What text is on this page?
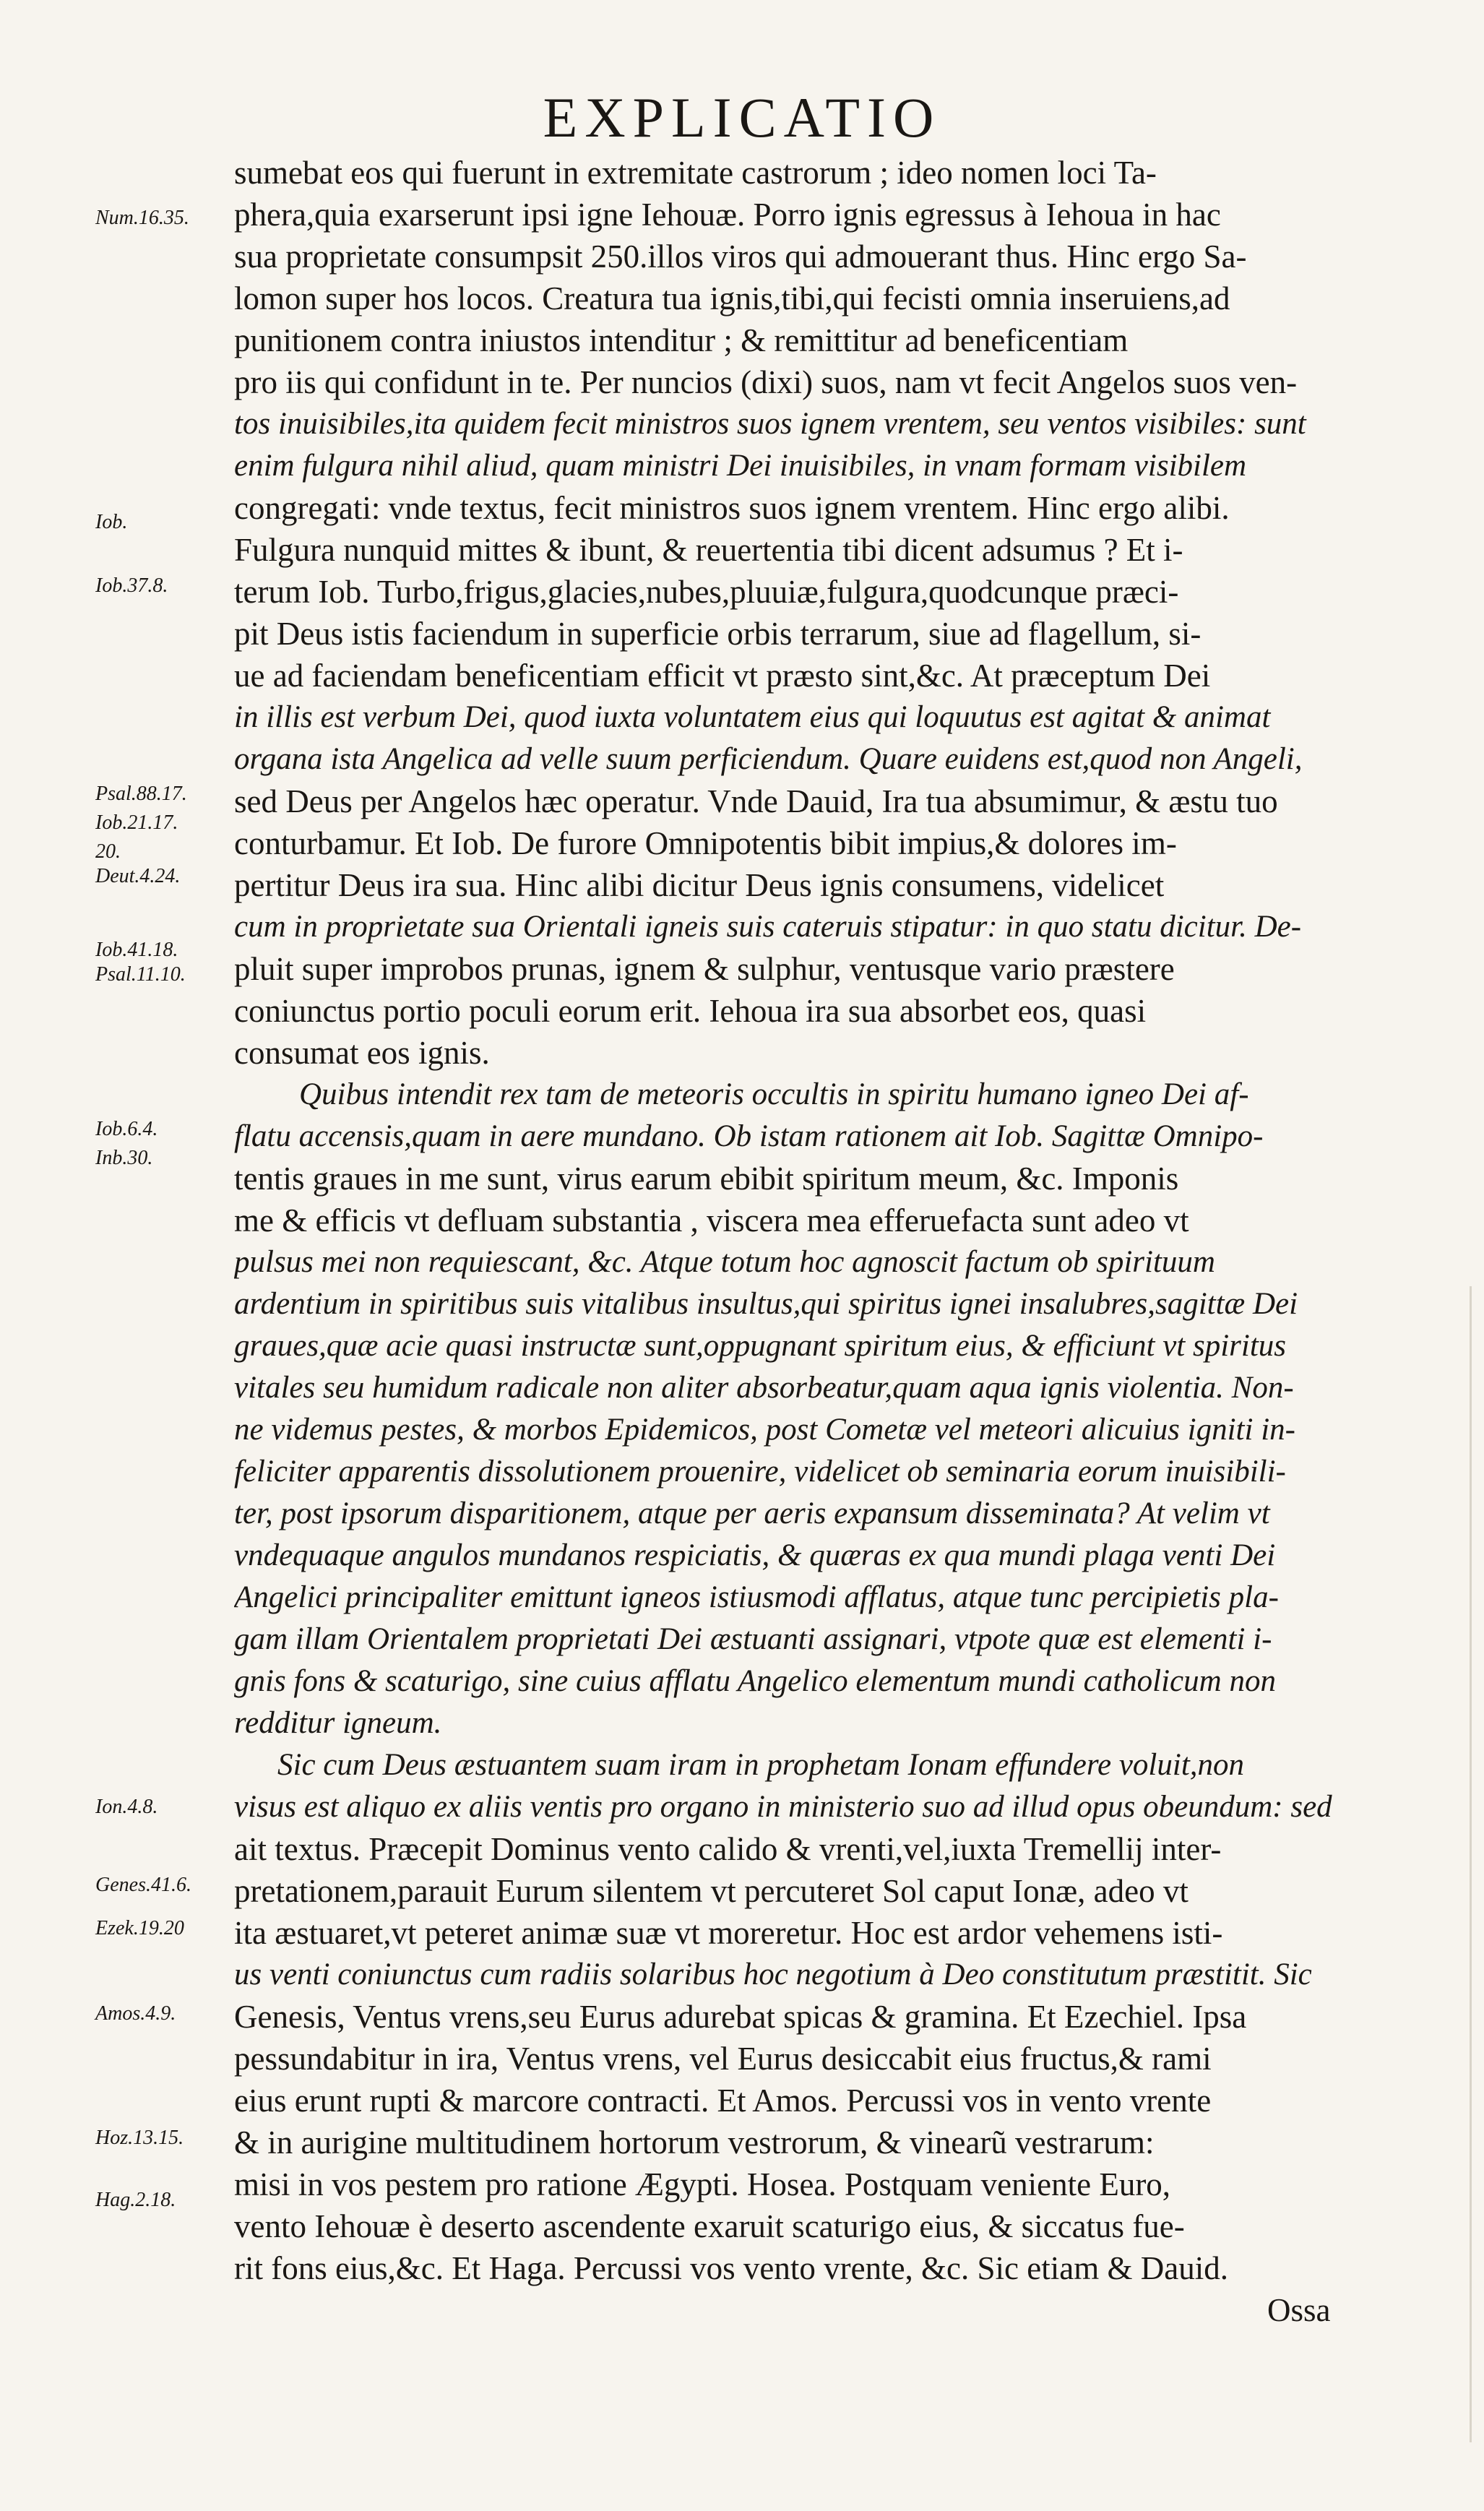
EXPLICATIO
sumebat eos qui fuerunt in extremitate castrorum ; ideo nomen loci Ta-
phera,quia exarserunt ipsi igne Iehouæ. Porro ignis egressus à Iehoua in hac
sua proprietate consumpsit 250.illos viros qui admouerant thus. Hinc ergo Sa-
lomon super hos locos. Creatura tua ignis,tibi,qui fecisti omnia inseruiens,ad
punitionem contra iniustos intenditur ; & remittitur ad beneficentiam
pro iis qui confidunt in te. Per nuncios (dixi) suos, nam vt fecit Angelos suos ven-
tos inuisibiles,ita quidem fecit ministros suos ignem vrentem, seu ventos visibiles: sunt
enim fulgura nihil aliud, quam ministri Dei inuisibiles, in vnam formam visibilem
congregati: vnde textus, fecit ministros suos ignem vrentem. Hinc ergo alibi.
Fulgura nunquid mittes & ibunt, & reuertentia tibi dicent adsumus ? Et i-
terum Iob. Turbo,frigus,glacies,nubes,pluuiæ,fulgura,quodcunque præci-
pit Deus istis faciendum in superficie orbis terrarum, siue ad flagellum, si-
ue ad faciendam beneficentiam efficit vt præsto sint,&c. At præceptum Dei
in illis est verbum Dei, quod iuxta voluntatem eius qui loquutus est agitat & animat
organa ista Angelica ad velle suum perficiendum. Quare euidens est,quod non Angeli,
sed Deus per Angelos hæc operatur. Vnde Dauid, Ira tua absumimur, & æstu tuo
conturbamur. Et Iob. De furore Omnipotentis bibit impius,& dolores im-
pertitur Deus ira sua. Hinc alibi dicitur Deus ignis consumens, videlicet
cum in proprietate sua Orientali igneis suis cateruis stipatur: in quo statu dicitur. De-
pluit super improbos prunas, ignem & sulphur, ventusque vario præstere
coniunctus portio poculi eorum erit. Iehoua ira sua absorbet eos, quasi
consumat eos ignis.
Quibus intendit rex tam de meteoris occultis in spiritu humano igneo Dei af-
flatu accensis,quam in aere mundano. Ob istam rationem ait Iob. Sagittæ Omnipo-
tentis graues in me sunt, virus earum ebibit spiritum meum, &c. Imponis
me & efficis vt defluam substantia , viscera mea efferuefacta sunt adeo vt
pulsus mei non requiescant, &c. Atque totum hoc agnoscit factum ob spirituum
ardentium in spiritibus suis vitalibus insultus,qui spiritus ignei insalubres,sagittæ Dei
graues,quæ acie quasi instructæ sunt,oppugnant spiritum eius, & efficiunt vt spiritus
vitales seu humidum radicale non aliter absorbeatur,quam aqua ignis violentia. Non-
ne videmus pestes, & morbos Epidemicos, post Cometæ vel meteori alicuius igniti in-
feliciter apparentis dissolutionem prouenire, videlicet ob seminaria eorum inuisibili-
ter, post ipsorum disparitionem, atque per aeris expansum disseminata? At velim vt
vndequaque angulos mundanos respiciatis, & quæras ex qua mundi plaga venti Dei
Angelici principaliter emittunt igneos istiusmodi afflatus, atque tunc percipietis pla-
gam illam Orientalem proprietati Dei æstuanti assignari, vtpote quæ est elementi i-
gnis fons & scaturigo, sine cuius afflatu Angelico elementum mundi catholicum non
redditur igneum.
Sic cum Deus æstuantem suam iram in prophetam Ionam effundere voluit,non
visus est aliquo ex aliis ventis pro organo in ministerio suo ad illud opus obeundum: sed
ait textus. Præcepit Dominus vento calido & vrenti,vel,iuxta Tremellij inter-
pretationem,parauit Eurum silentem vt percuteret Sol caput Ionæ, adeo vt
ita æstuaret,vt peteret animæ suæ vt moreretur. Hoc est ardor vehemens isti-
us venti coniunctus cum radiis solaribus hoc negotium à Deo constitutum præstitit. Sic
Genesis, Ventus vrens,seu Eurus adurebat spicas & gramina. Et Ezechiel. Ipsa
pessundabitur in ira, Ventus vrens, vel Eurus desiccabit eius fructus,& rami
eius erunt rupti & marcore contracti. Et Amos. Percussi vos in vento vrente
& in aurigine multitudinem hortorum vestrorum, & vinearũ vestrarum:
misi in vos pestem pro ratione Ægypti. Hosea. Postquam veniente Euro,
vento Iehouæ è deserto ascendente exaruit scaturigo eius, & siccatus fue-
rit fons eius,&c. Et Haga. Percussi vos vento vrente, &c. Sic etiam & Dauid.
Ossa
Num.16.35.
Iob.
Iob.37.8.
Psal.88.17.
Iob.21.17.
20.
Deut.4.24.
Iob.41.18.
Psal.11.10.
Iob.6.4.
Inb.30.
Ion.4.8.
Genes.41.6.
Ezek.19.20
Amos.4.9.
Hoz.13.15.
Hag.2.18.
